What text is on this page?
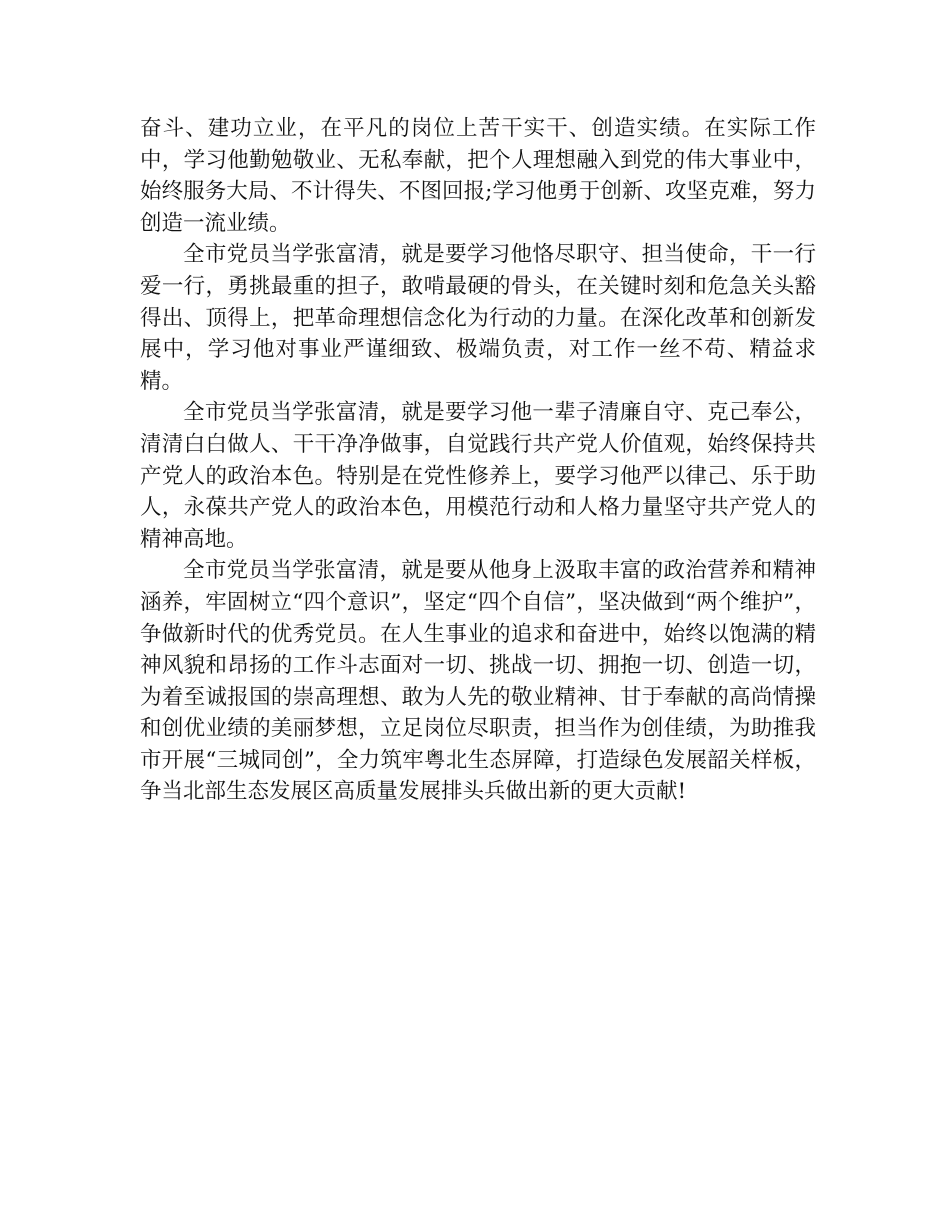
奋斗、建功立业，在平凡的岗位上苦干实干、创造实绩。在实际工作中，学习他勤勉敬业、无私奉献，把个人理想融入到党的伟大事业中，始终服务大局、不计得失、不图回报;学习他勇于创新、攻坚克难，努力创造一流业绩。

全市党员当学张富清，就是要学习他恪尽职守、担当使命，干一行爱一行，勇挑最重的担子，敢啃最硬的骨头，在关键时刻和危急关头豁得出、顶得上，把革命理想信念化为行动的力量。在深化改革和创新发展中，学习他对事业严谨细致、极端负责，对工作一丝不苟、精益求精。

全市党员当学张富清，就是要学习他一辈子清廉自守、克己奉公，清清白白做人、干干净净做事，自觉践行共产党人价值观，始终保持共产党人的政治本色。特别是在党性修养上，要学习他严以律己、乐于助人，永葆共产党人的政治本色，用模范行动和人格力量坚守共产党人的精神高地。

全市党员当学张富清，就是要从他身上汲取丰富的政治营养和精神涵养，牢固树立“四个意识”，坚定“四个自信”，坚决做到“两个维护”，争做新时代的优秀党员。在人生事业的追求和奋进中，始终以饱满的精神风貌和昂扬的工作斗志面对一切、挑战一切、拥抱一切、创造一切，为着至诚报国的崇高理想、敢为人先的敬业精神、甘于奉献的高尚情操和创优业绩的美丽梦想，立足岗位尽职责，担当作为创佳绩，为助推我市开展“三城同创”，全力筑牢粤北生态屏障，打造绿色发展韶关样板，争当北部生态发展区高质量发展排头兵做出新的更大贡献!
